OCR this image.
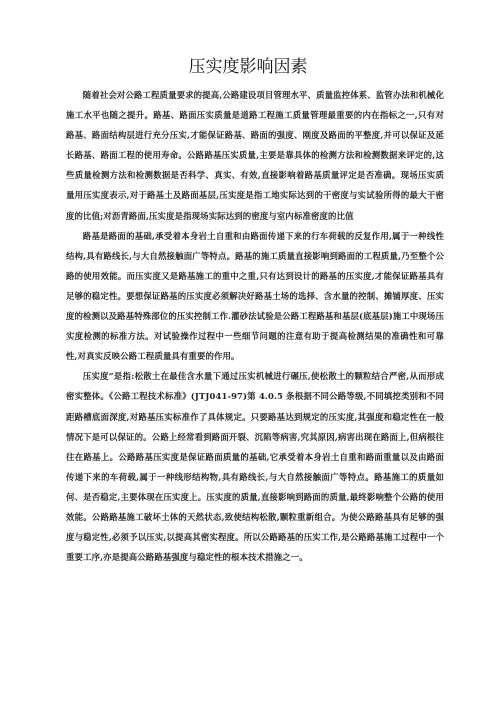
压实度影响因素

随着社会对公路工程质量要求的提高,公路建设项目管理水平、质量监控体系、监管办法和机械化施工水平也随之提升。路基、路面压实质量是道路工程施工质量管理最重要的内在指标之一,只有对路基、路面结构层进行充分压实,才能保证路基、路面的强度、刚度及路面的平整度,并可以保证及延长路基、路面工程的使用寿命。公路路基压实质量,主要是靠具体的检测方法和检测数据来评定的,这些质量检测方法和检测数据是否科学、真实、有效,直接影响着路基质量评定是否准确。现场压实质量用压实度表示,对于路基土及路面基层,压实度是指工地实际达到的干密度与实试验所得的最大干密度的比值;对沥青路面,压实度是指现场实际达到的密度与室内标准密度的比值

路基是路面的基础,承受着本身岩土自重和由路面传递下来的行车荷载的反复作用,属于一种线性结构,具有路线长,与大自然接触面广等特点。路基的施工质量直接影响到路面的工程质量,乃至整个公路的使用效能。而压实度又是路基施工的重中之重,只有达到设计的路基的压实度,才能保证路基具有足够的稳定性。要想保证路基的压实度必须解决好路基土场的选择、含水量的控制、摊铺厚度、压实度的检测以及路基特殊部位的压实控制工作.灌砂法试验是公路工程路基和基层(底基层)施工中现场压实度检测的标准方法。对试验操作过程中一些细节问题的注意有助于提高检测结果的准确性和可靠性,对真实反映公路工程质量具有重要的作用。

压实度”是指:松散土在最佳含水量下通过压实机械进行碾压,使松散土的颗粒结合严密,从而形成密实整体。《公路工程技术标准》(JTJ041-97)第 4.0.5 条根据不同公路等级,不同填挖类别和不同距路槽底面深度,对路基压实标准作了具体规定。只要路基达到规定的压实度,其强度和稳定性在一般情况下是可以保证的。公路上经常看到路面开裂、沉陷等病害,究其原因,病害出现在路面上,但病根往往在路基上。公路路基压实度是保证路面质量的基础,它承受着本身岩土自重和路面重量以及由路面传递下来的车荷载,属于一种线形结构物,具有路线长,与大自然接触面广等特点。路基施工的质量如何、是否稳定,主要体现在压实度上。压实度的质量,直接影响到路面的质量,最终影响整个公路的使用效能。公路路基施工破坏土体的天然状态,致使结构松散,颗粒重新组合。为使公路路基具有足够的强度与稳定性,必须予以压实,以提高其密实程度。所以公路路基的压实工作,是公路路基施工过程中一个重要工序,亦是提高公路路基强度与稳定性的根本技术措施之一。
